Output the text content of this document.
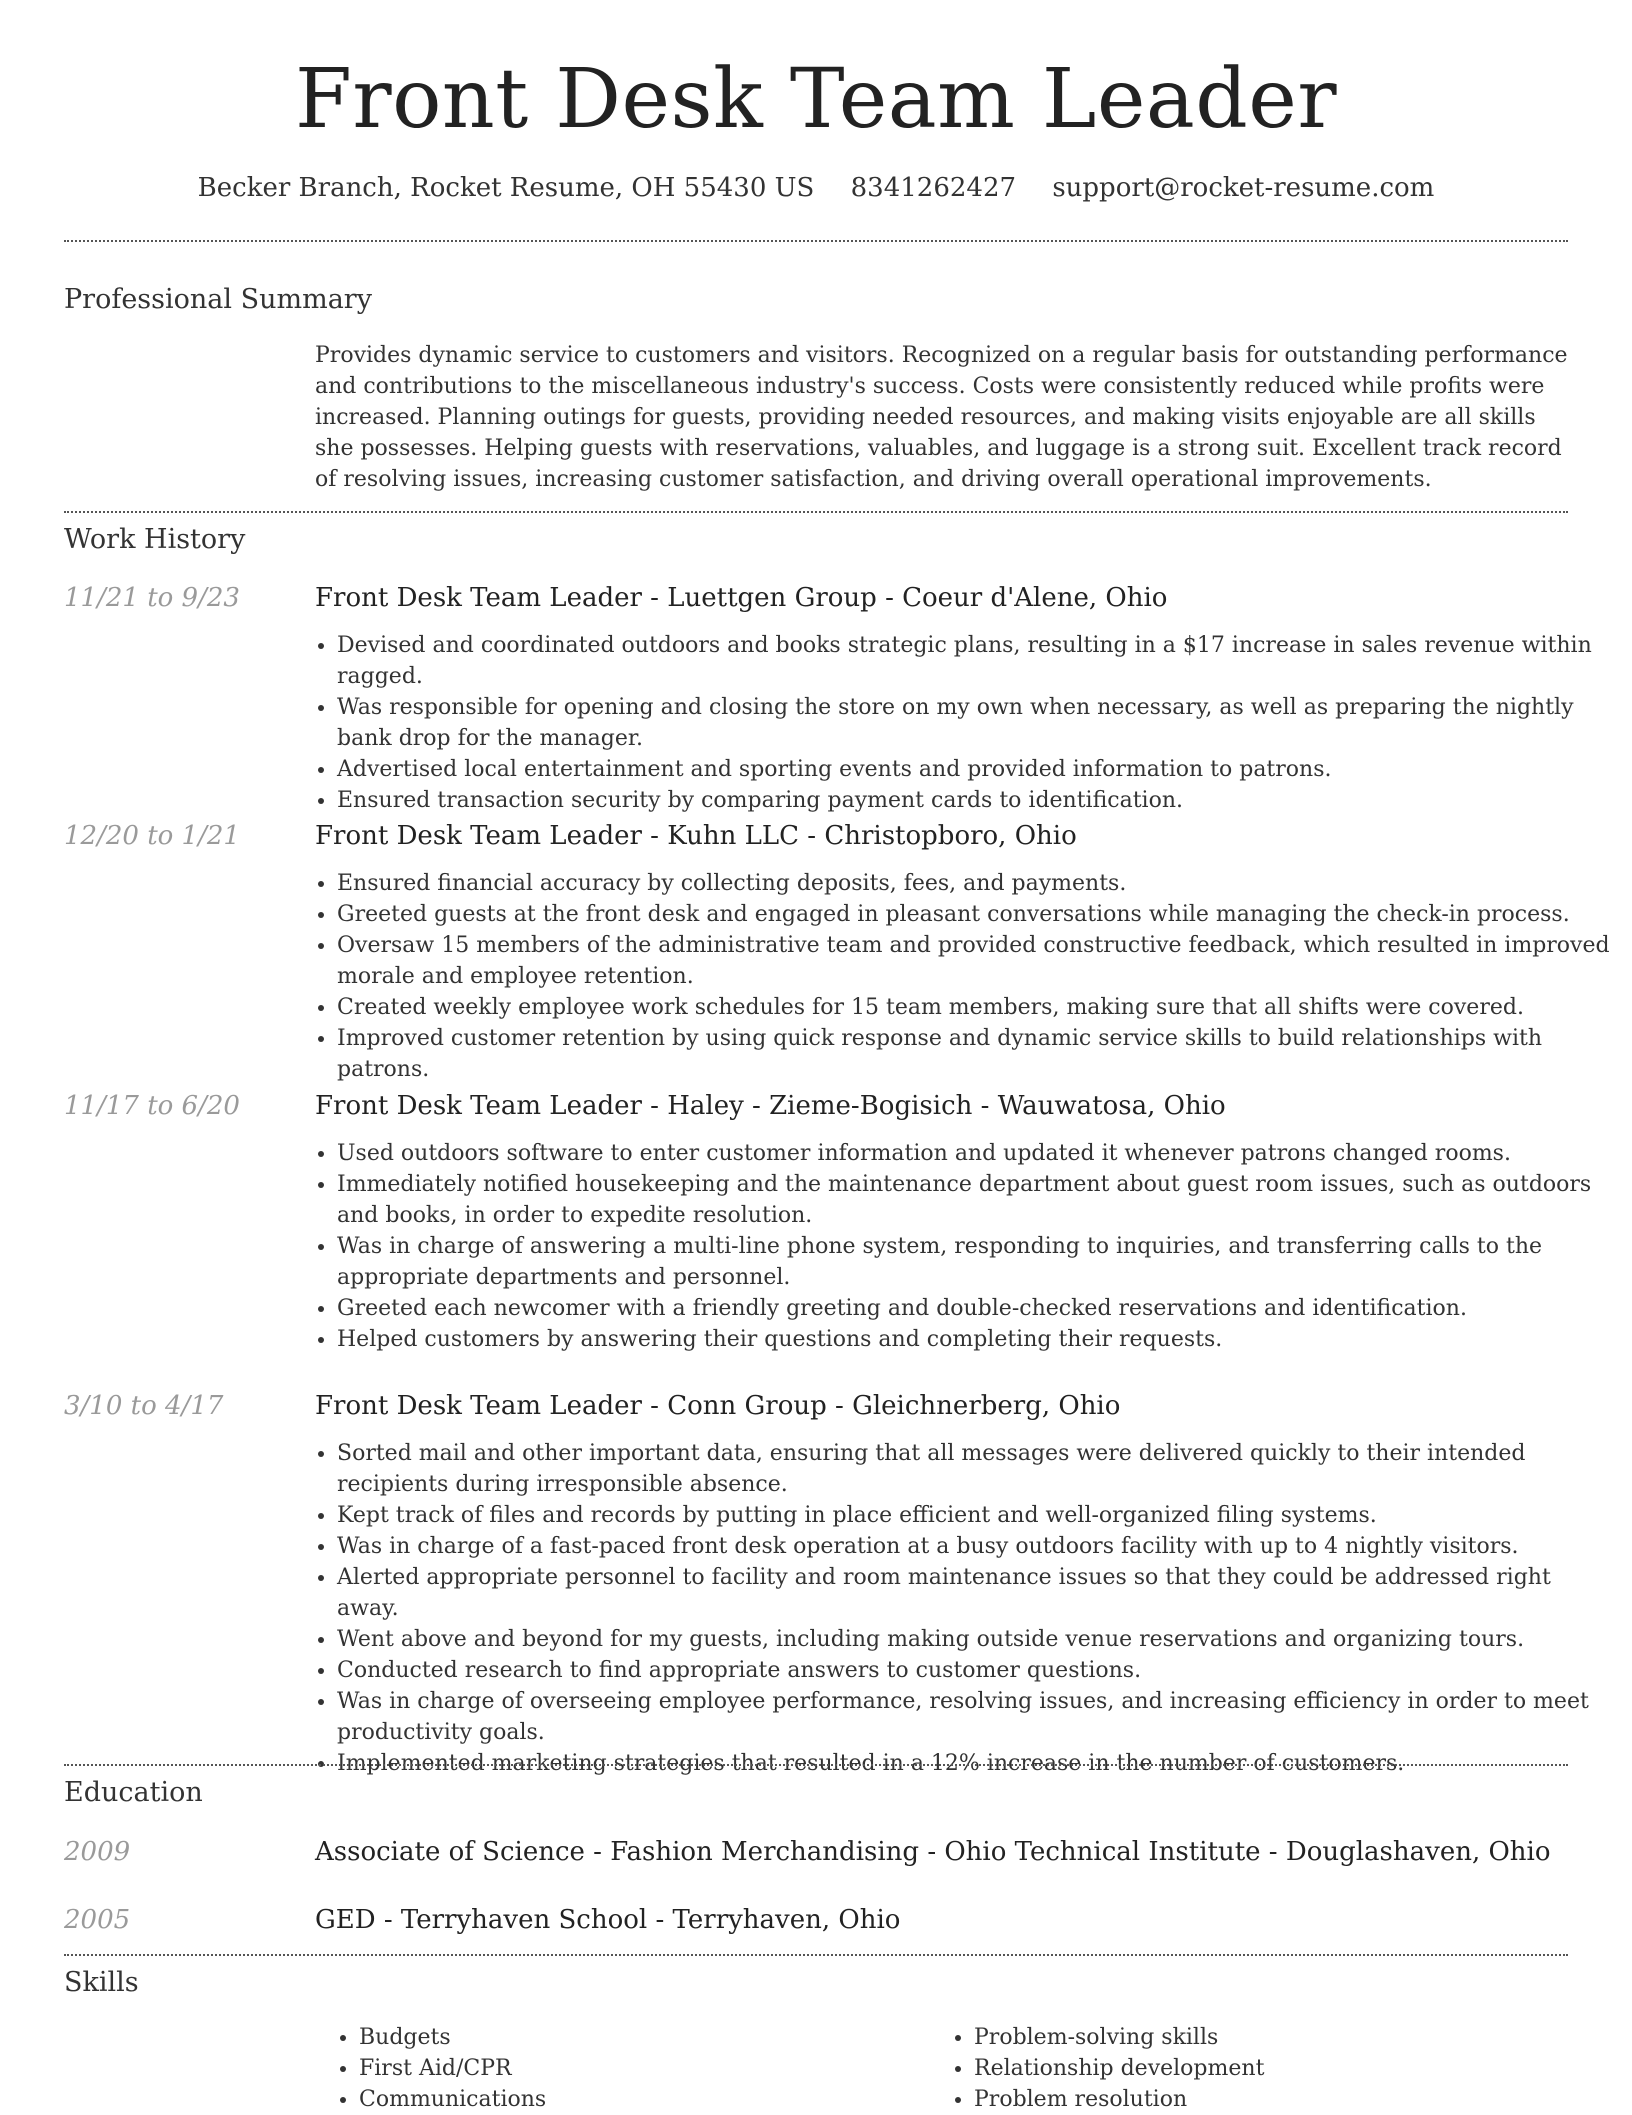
Front Desk Team Leader
Becker Branch, Rocket Resume, OH 55430 US 8341262427 support@rocket-resume.com
Professional Summary

Provides dynamic service to customers and visitors. Recognized on a regular basis for outstanding performance and contributions to the miscellaneous industry's success. Costs were consistently reduced while profits were increased. Planning outings for guests, providing needed resources, and making visits enjoyable are all skills she possesses. Helping guests with reservations, valuables, and luggage is a strong suit. Excellent track record of resolving issues, increasing customer satisfaction, and driving overall operational improvements.

Work History
11/21 to 9/23	Front Desk Team Leader - Luettgen Group - Coeur d'Alene, Ohio
• Devised and coordinated outdoors and books strategic plans, resulting in a $17 increase in sales revenue within ragged.
• Was responsible for opening and closing the store on my own when necessary, as well as preparing the nightly bank drop for the manager.
• Advertised local entertainment and sporting events and provided information to patrons.
• Ensured transaction security by comparing payment cards to identification.
12/20 to 1/21	Front Desk Team Leader - Kuhn LLC - Christopboro, Ohio
• Ensured financial accuracy by collecting deposits, fees, and payments.
• Greeted guests at the front desk and engaged in pleasant conversations while managing the check-in process.
• Oversaw 15 members of the administrative team and provided constructive feedback, which resulted in improved morale and employee retention.
• Created weekly employee work schedules for 15 team members, making sure that all shifts were covered.
• Improved customer retention by using quick response and dynamic service skills to build relationships with patrons.
11/17 to 6/20	Front Desk Team Leader - Haley - Zieme-Bogisich - Wauwatosa, Ohio
• Used outdoors software to enter customer information and updated it whenever patrons changed rooms.
• Immediately notified housekeeping and the maintenance department about guest room issues, such as outdoors and books, in order to expedite resolution.
• Was in charge of answering a multi-line phone system, responding to inquiries, and transferring calls to the appropriate departments and personnel.
• Greeted each newcomer with a friendly greeting and double-checked reservations and identification.
• Helped customers by answering their questions and completing their requests.
3/10 to 4/17	Front Desk Team Leader - Conn Group - Gleichnerberg, Ohio
• Sorted mail and other important data, ensuring that all messages were delivered quickly to their intended recipients during irresponsible absence.
• Kept track of files and records by putting in place efficient and well-organized filing systems.
• Was in charge of a fast-paced front desk operation at a busy outdoors facility with up to 4 nightly visitors.
• Alerted appropriate personnel to facility and room maintenance issues so that they could be addressed right away.
• Went above and beyond for my guests, including making outside venue reservations and organizing tours.
• Conducted research to find appropriate answers to customer questions.
• Was in charge of overseeing employee performance, resolving issues, and increasing efficiency in order to meet productivity goals.
• Implemented marketing strategies that resulted in a 12% increase in the number of customers.
Education
2009	Associate of Science - Fashion Merchandising - Ohio Technical Institute - Douglashaven, Ohio
2005	GED - Terryhaven School - Terryhaven, Ohio
Skills
• Budgets
• First Aid/CPR
• Communications
• Problem-solving skills
• Relationship development
• Problem resolution
